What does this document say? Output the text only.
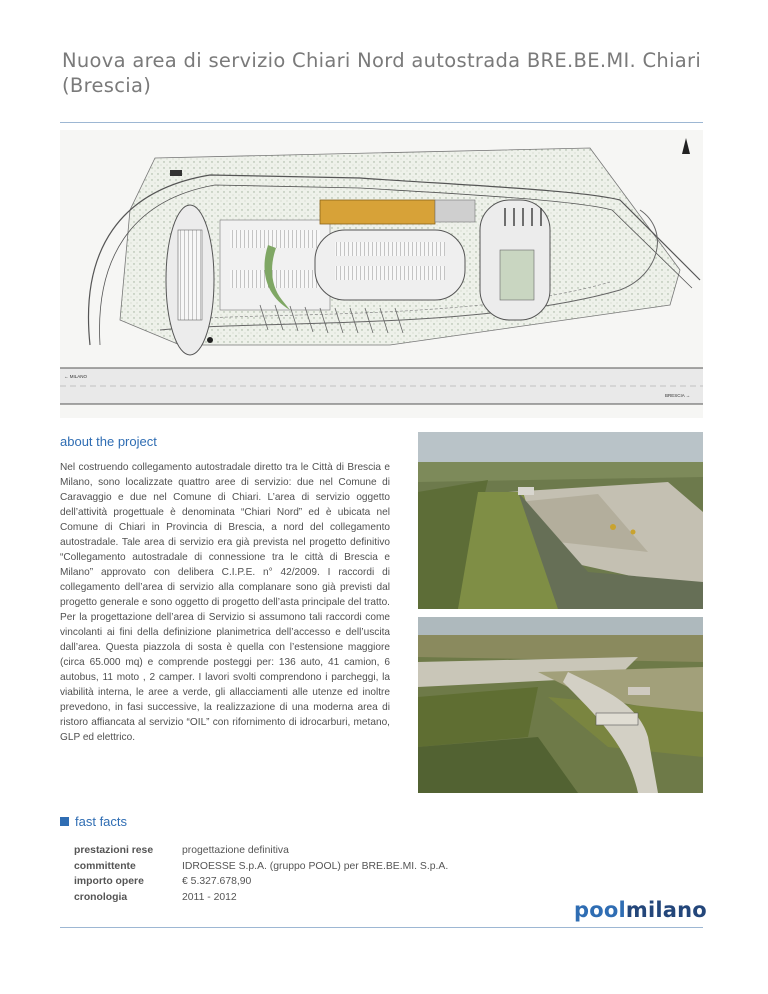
Nuova area di servizio Chiari Nord autostrada BRE.BE.MI. Chiari (Brescia)
← MILANO
BRESCIA →
about the project
Nel costruendo collegamento autostradale diretto tra le Città di Brescia e Milano, sono localizzate quattro aree di servizio: due nel Comune di Caravaggio e due nel Comune di Chiari. L’area di servizio oggetto dell’attività progettuale è denominata “Chiari Nord” ed è ubicata nel Comune di Chiari in Provincia di Brescia, a nord del collegamento autostradale. Tale area di servizio era già prevista nel progetto definitivo “Collegamento autostradale di connessione tra le città di Brescia e Milano” approvato con delibera C.I.P.E. n° 42/2009. I raccordi di collegamento dell’area di servizio alla complanare sono già previsti dal progetto generale e sono oggetto di progetto dell’asta principale del tratto. Per la progettazione dell’area di Servizio si assumono tali raccordi come vincolanti ai fini della definizione planimetrica dell’accesso e dell’uscita dall’area. Questa piazzola di sosta è quella con l’estensione maggiore (circa 65.000 mq) e comprende posteggi per: 136 auto, 41 camion, 6 autobus, 11 moto , 2 camper. I lavori svolti comprendono i parcheggi, la viabilità interna, le aree a verde, gli allacciamenti alle utenze ed inoltre prevedono, in fasi successive, la realizzazione di una moderna area di ristoro affiancata al servizio “OIL” con rifornimento di idrocarburi, metano, GLP ed elettrico.
fast facts
prestazioni rese	progettazione definitiva
committente	IDROESSE S.p.A. (gruppo POOL) per BRE.BE.MI. S.p.A.
importo opere	€ 5.327.678,90
cronologia	2011 - 2012
poolmilano
